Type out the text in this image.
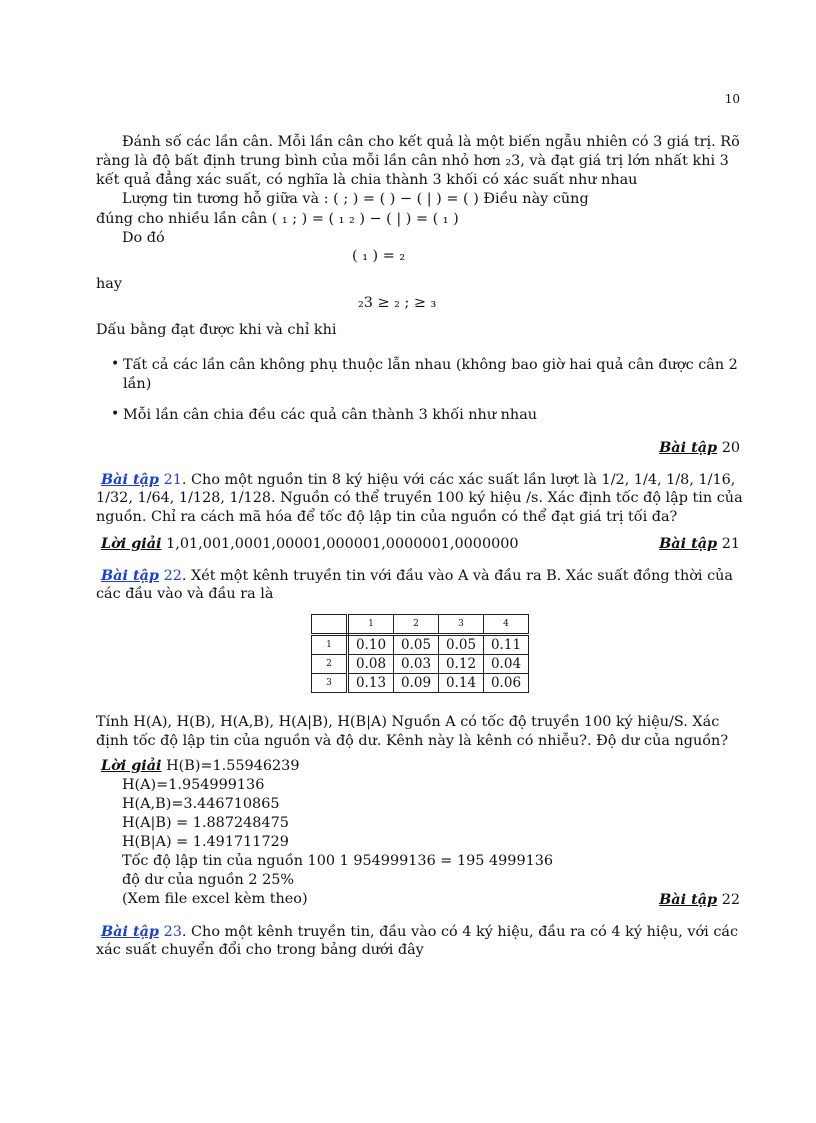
10
Đánh số các lần cân. Mỗi lần cân cho kết quả là một biến ngẫu nhiên có 3 giá trị. Rõ
ràng là độ bất định trung bình của mỗi lần cân nhỏ hơn ₂3, và đạt giá trị lớn nhất khi 3
kết quả đẳng xác suất, có nghĩa là chia thành 3 khối có xác suất như nhau
Lượng tin tương hỗ giữa và : ( ; ) = ( ) − ( | ) = ( ) Điều này cũng
đúng cho nhiều lần cân ( ₁ ; ) = ( ₁ ₂ ) − ( | ) = ( ₁ )
Do đó
( ₁ ) = ₂
hay
₂3 ≥ ₂ ; ≥ ₃
Dấu bằng đạt được khi và chỉ khi
• Tất cả các lần cân không phụ thuộc lẫn nhau (không bao giờ hai quả cân được cân 2
lần)
• Mỗi lần cân chia đều các quả cân thành 3 khối như nhau
Bài tập 20
Bài tập 21. Cho một nguồn tin 8 ký hiệu với các xác suất lần lượt là 1/2, 1/4, 1/8, 1/16,
1/32, 1/64, 1/128, 1/128. Nguồn có thể truyền 100 ký hiệu /s. Xác định tốc độ lập tin của
nguồn. Chỉ ra cách mã hóa để tốc độ lập tin của nguồn có thể đạt giá trị tối đa?
Lời giải 1,01,001,0001,00001,000001,0000001,0000000	Bài tập 21
Bài tập 22. Xét một kênh truyền tin với đầu vào A và đầu ra B. Xác suất đồng thời của
các đầu vào và đầu ra là
	1	2	3	4
1	0.10	0.05	0.05	0.11
2	0.08	0.03	0.12	0.04
3	0.13	0.09	0.14	0.06
Tính H(A), H(B), H(A,B), H(A|B), H(B|A) Nguồn A có tốc độ truyền 100 ký hiệu/S. Xác
định tốc độ lập tin của nguồn và độ dư. Kênh này là kênh có nhiễu?. Độ dư của nguồn?
Lời giải H(B)=1.55946239
H(A)=1.954999136
H(A,B)=3.446710865
H(A|B) = 1.887248475
H(B|A) = 1.491711729
Tốc độ lập tin của nguồn 100 1 954999136 = 195 4999136
độ dư của nguồn 2 25%
(Xem file excel kèm theo)	Bài tập 22
Bài tập 23. Cho một kênh truyền tin, đầu vào có 4 ký hiệu, đầu ra có 4 ký hiệu, với các
xác suất chuyển đổi cho trong bảng dưới đây
